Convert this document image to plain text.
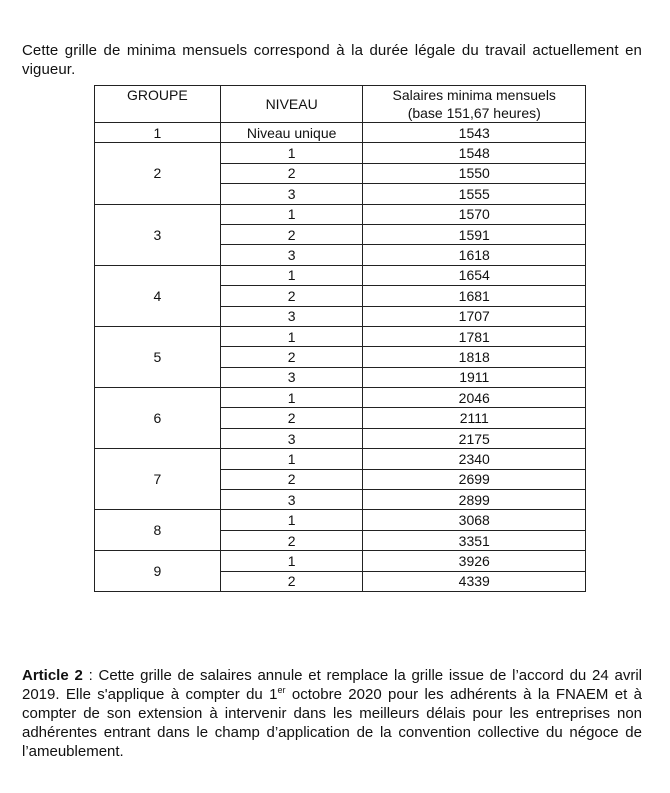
Cette grille de minima mensuels correspond à la durée légale du travail actuellement en vigueur.

GROUPE	NIVEAU	Salaires minima mensuels
(base 151,67 heures)
1	Niveau unique	1543
2	1	1548
	2	1550
	3	1555
3	1	1570
	2	1591
	3	1618
4	1	1654
	2	1681
	3	1707
5	1	1781
	2	1818
	3	1911
6	1	2046
	2	2111
	3	2175
7	1	2340
	2	2699
	3	2899
8	1	3068
	2	3351
9	1	3926
	2	4339

Article 2 : Cette grille de salaires annule et remplace la grille issue de l’accord du 24 avril 2019. Elle s'applique à compter du 1er octobre 2020 pour les adhérents à la FNAEM et à compter de son extension à intervenir dans les meilleurs délais pour les entreprises non adhérentes entrant dans le champ d’application de la convention collective du négoce de l’ameublement.
